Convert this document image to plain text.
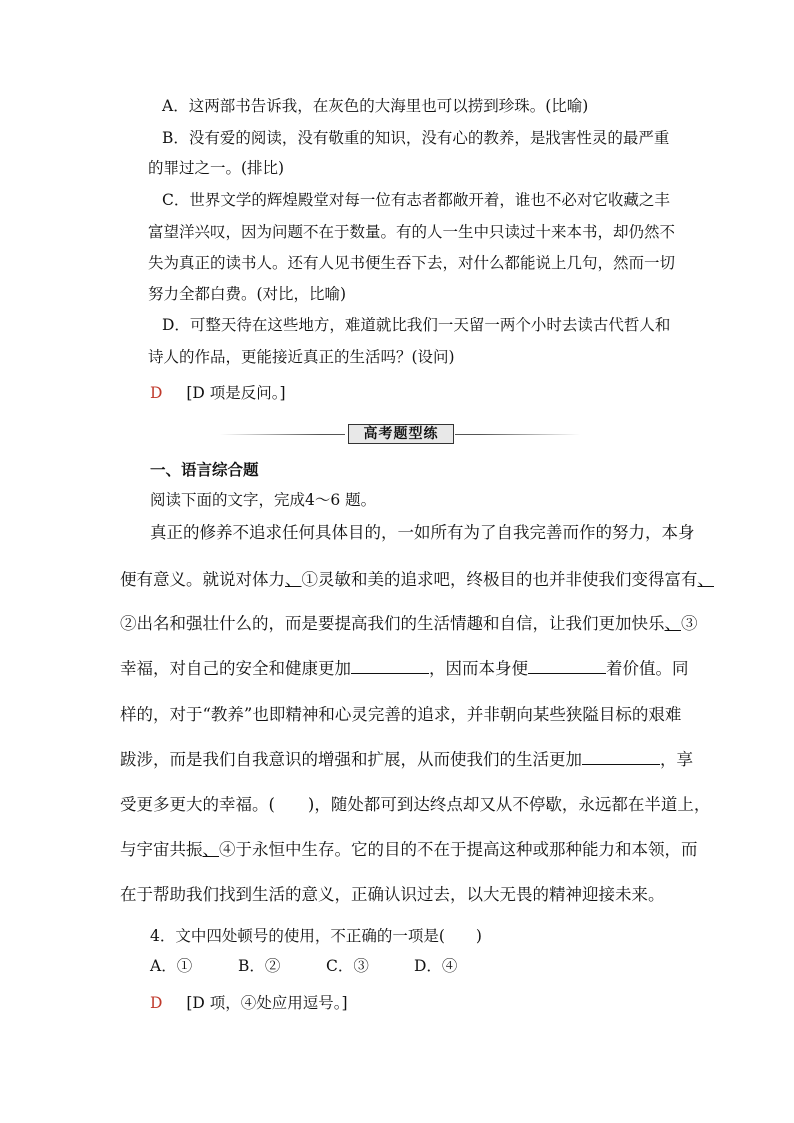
A．这两部书告诉我，在灰色的大海里也可以捞到珍珠。(比喻)
B．没有爱的阅读，没有敬重的知识，没有心的教养，是戕害性灵的最严重
的罪过之一。(排比)
C．世界文学的辉煌殿堂对每一位有志者都敞开着，谁也不必对它收藏之丰
富望洋兴叹，因为问题不在于数量。有的人一生中只读过十来本书，却仍然不
失为真正的读书人。还有人见书便生吞下去，对什么都能说上几句，然而一切
努力全都白费。(对比，比喻)
D．可整天待在这些地方，难道就比我们一天留一两个小时去读古代哲人和
诗人的作品，更能接近真正的生活吗？(设问)
D [D 项是反问。]
高考题型练
一、语言综合题
阅读下面的文字，完成4～6 题。
真正的修养不追求任何具体目的，一如所有为了自我完善而作的努力，本身
便有意义。就说对体力、①灵敏和美的追求吧，终极目的也并非使我们变得富有、
②出名和强壮什么的，而是要提高我们的生活情趣和自信，让我们更加快乐、③
幸福，对自己的安全和健康更加	，因而本身便	着价值。同
样的，对于“教养”也即精神和心灵完善的追求，并非朝向某些狭隘目标的艰难
跋涉，而是我们自我意识的增强和扩展，从而使我们的生活更加	，享
受更多更大的幸福。(　　)，随处都可到达终点却又从不停歇，永远都在半道上，
与宇宙共振、④于永恒中生存。它的目的不在于提高这种或那种能力和本领，而
在于帮助我们找到生活的意义，正确认识过去，以大无畏的精神迎接未来。
4．文中四处顿号的使用，不正确的一项是(　　)
A．①	B．②	C．③	D．④
D [D 项，④处应用逗号。]
